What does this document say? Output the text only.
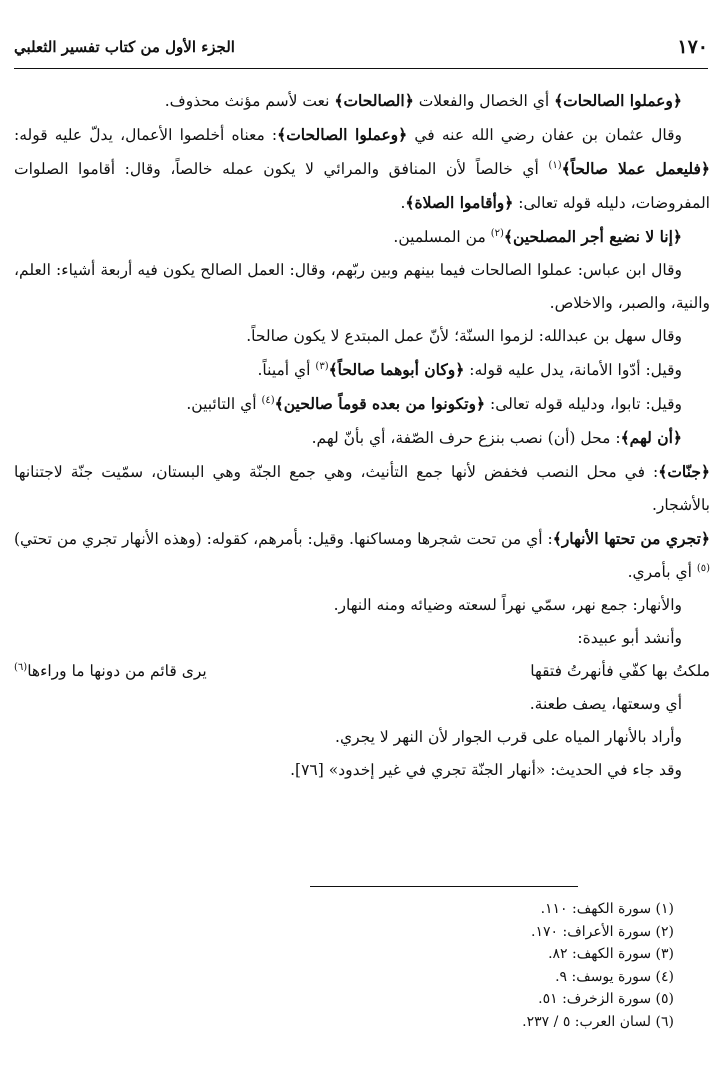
١٧٠
الجزء الأول من كتاب تفسير الثعلبي

﴿وعملوا الصالحات﴾ أي الخصال والفعلات ﴿الصالحات﴾ نعت لأسم مؤنث محذوف.

وقال عثمان بن عفان رضي الله عنه في ﴿وعملوا الصالحات﴾: معناه أخلصوا الأعمال، يدلّ عليه قوله: ﴿فليعمل عملا صالحاً﴾$^{(١)}$ أي خالصاً لأن المنافق والمرائي لا يكون عمله خالصاً، وقال: أقاموا الصلوات المفروضات، دليله قوله تعالى: ﴿وأقاموا الصلاة﴾.

﴿إنا لا نضيع أجر المصلحين﴾$^{(٢)}$ من المسلمين.

وقال ابن عباس: عملوا الصالحات فيما بينهم وبين ربّهم، وقال: العمل الصالح يكون فيه أربعة أشياء: العلم، والنية، والصبر، والاخلاص.

وقال سهل بن عبدالله: لزموا السنّة؛ لأنّ عمل المبتدع لا يكون صالحاً.

وقيل: أدّوا الأمانة، يدل عليه قوله: ﴿وكان أبوهما صالحاً﴾$^{(٣)}$ أي أميناً.

وقيل: تابوا، ودليله قوله تعالى: ﴿وتكونوا من بعده قوماً صالحين﴾$^{(٤)}$ أي التائبين.

﴿أن لهم﴾: محل (أن) نصب بنزع حرف الصّفة، أي بأنّ لهم.

﴿جنّات﴾: في محل النصب فخفض لأنها جمع التأنيث، وهي جمع الجنّة وهي البستان، سمّيت جنّة لاجتنانها بالأشجار.

﴿تجري من تحتها الأنهار﴾: أي من تحت شجرها ومساكنها. وقيل: بأمرهم، كقوله: (وهذه الأنهار تجري من تحتي)$^{(٥)}$ أي بأمري.

والأنهار: جمع نهر، سمّي نهراً لسعته وضيائه ومنه النهار.

وأنشد أبو عبيدة:

ملكتُ بها كفّي فأنهرتُ فتقها
يرى قائم من دونها ما وراءها$^{(٦)}$

أي وسعتها، يصف طعنة.

وأراد بالأنهار المياه على قرب الجوار لأن النهر لا يجري.

وقد جاء في الحديث: «أنهار الجنّة تجري في غير إخدود» [٧٦].

(١) سورة الكهف: ١١٠.
(٢) سورة الأعراف: ١٧٠.
(٣) سورة الكهف: ٨٢.
(٤) سورة يوسف: ٩.
(٥) سورة الزخرف: ٥١.
(٦) لسان العرب: ٥ / ٢٣٧.
